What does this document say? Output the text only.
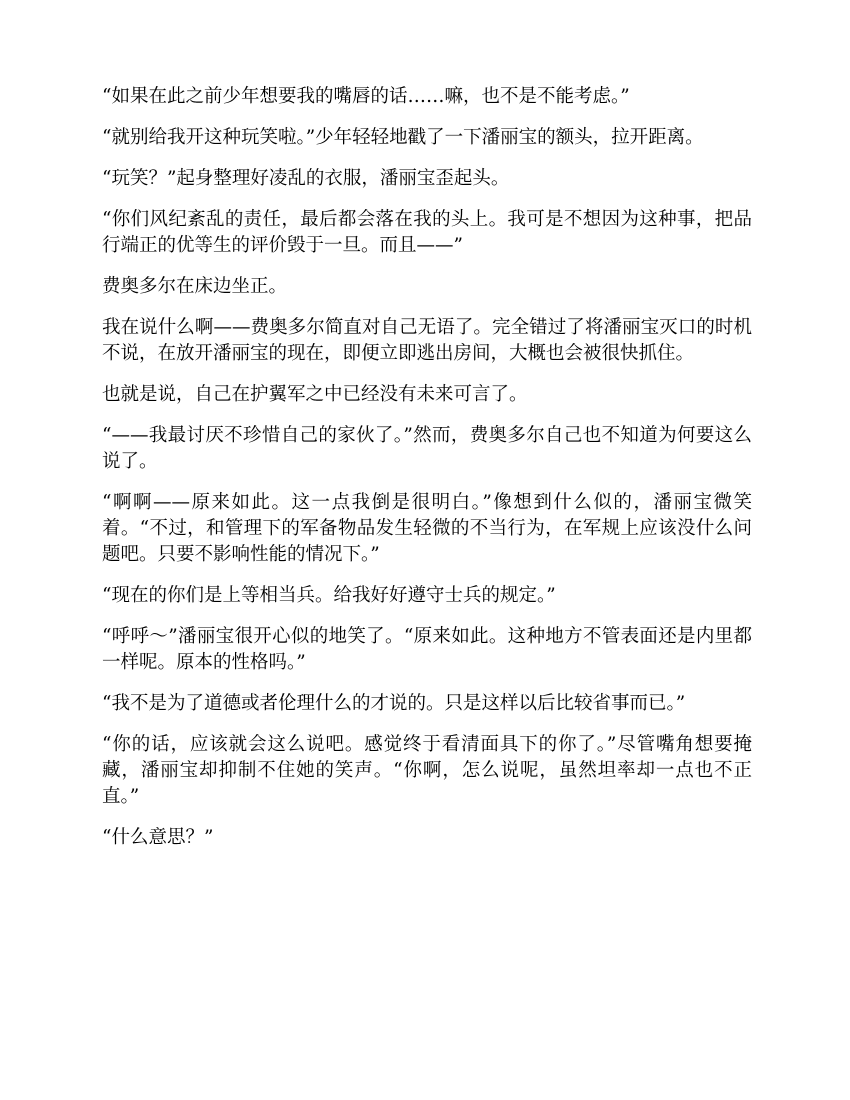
“如果在此之前少年想要我的嘴唇的话……嘛，也不是不能考虑。”

“就别给我开这种玩笑啦。”少年轻轻地戳了一下潘丽宝的额头，拉开距离。

“玩笑？”起身整理好凌乱的衣服，潘丽宝歪起头。

“你们风纪紊乱的责任，最后都会落在我的头上。我可是不想因为这种事，把品行端正的优等生的评价毁于一旦。而且——”

费奥多尔在床边坐正。

我在说什么啊——费奥多尔简直对自己无语了。完全错过了将潘丽宝灭口的时机不说，在放开潘丽宝的现在，即便立即逃出房间，大概也会被很快抓住。

也就是说，自己在护翼军之中已经没有未来可言了。

“——我最讨厌不珍惜自己的家伙了。”然而，费奥多尔自己也不知道为何要这么说了。

“啊啊——原来如此。这一点我倒是很明白。”像想到什么似的，潘丽宝微笑着。“不过，和管理下的军备物品发生轻微的不当行为，在军规上应该没什么问题吧。只要不影响性能的情况下。”

“现在的你们是上等相当兵。给我好好遵守士兵的规定。”

“呼呼～”潘丽宝很开心似的地笑了。“原来如此。这种地方不管表面还是内里都一样呢。原本的性格吗。”

“我不是为了道德或者伦理什么的才说的。只是这样以后比较省事而已。”

“你的话，应该就会这么说吧。感觉终于看清面具下的你了。”尽管嘴角想要掩藏，潘丽宝却抑制不住她的笑声。“你啊，怎么说呢，虽然坦率却一点也不正直。”

“什么意思？”
